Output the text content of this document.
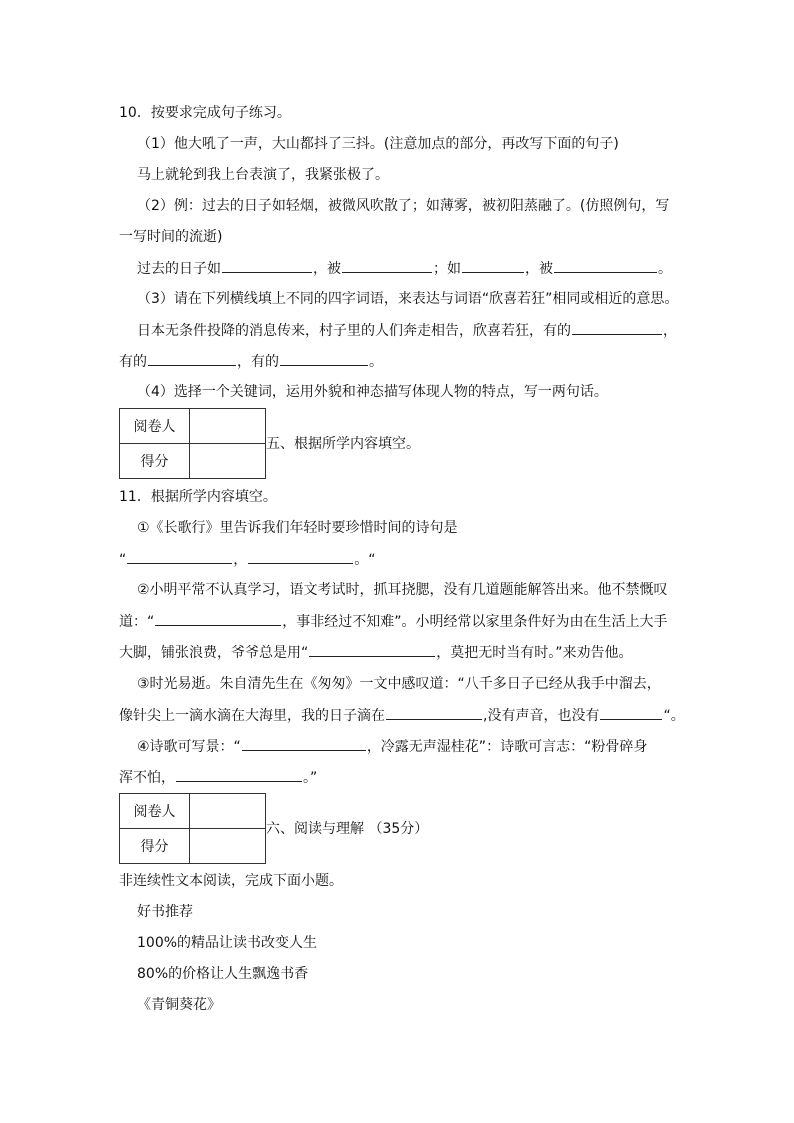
10．按要求完成句子练习。
（1）他大吼了一声，大山都抖了三抖。(注意加点的部分，再改写下面的句子)
马上就轮到我上台表演了，我紧张极了。
（2）例：过去的日子如轻烟，被微风吹散了；如薄雾，被初阳蒸融了。(仿照例句，写
一写时间的流逝)
过去的日子如	，被	；如	，被	。
（3）请在下列横线填上不同的四字词语，来表达与词语“欣喜若狂”相同或相近的意思。
日本无条件投降的消息传来，村子里的人们奔走相告，欣喜若狂，有的	，
有的	，有的	。
（4）选择一个关键词，运用外貌和神态描写体现人物的特点，写一两句话。
阅卷人	
得分	
五、根据所学内容填空。
11．根据所学内容填空。
①《长歌行》里告诉我们年轻时要珍惜时间的诗句是
“	，	。“
②小明平常不认真学习，语文考试时，抓耳挠腮，没有几道题能解答出来。他不禁慨叹
道：“	，事非经过不知难”。小明经常以家里条件好为由在生活上大手
大脚，铺张浪费，爷爷总是用“	，莫把无时当有时。”来劝告他。
③时光易逝。朱自清先生在《匆匆》一文中感叹道：“八千多日子已经从我手中溜去，
像针尖上一滴水滴在大海里，我的日子滴在	,没有声音，也没有	“。
④诗歌可写景：“	，冷露无声湿桂花”：诗歌可言志：“粉骨碎身
浑不怕，	。”
阅卷人	
得分	
六、阅读与理解 （35分）
非连续性文本阅读，完成下面小题。
好书推荐
100%的精品让读书改变人生
80%的价格让人生飘逸书香
《青铜葵花》
